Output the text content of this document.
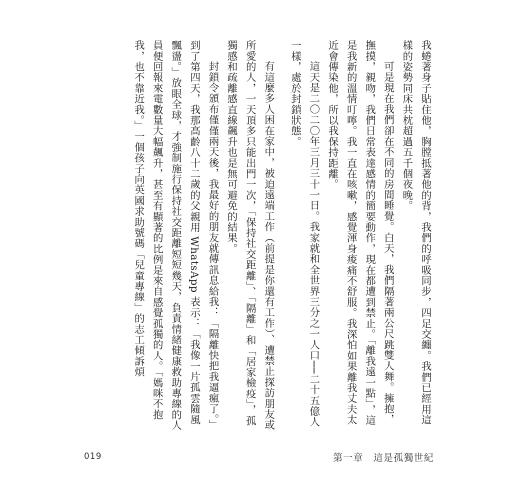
我蜷著身子貼住他，胸膛抵著他的背，我們的呼吸同步，四足交纏。我們已經用這樣的姿勢同床共枕超過五千個夜晚。

可是現在我們卻在不同的房間睡覺。白天，我們隔著兩公尺跳雙人舞。擁抱，撫摸，親吻，我們日常表達感情的簡要動作，現在都遭到禁止。「離我遠一點」，這是我新的溫情叮嚀。我一直在咳嗽，感覺渾身痠痛不舒服。我深怕如果離我丈夫太近會傳染他，所以我保持距離。

這天是二〇二〇年三月三十一日。我家就和全世界三分之一人口──二十五億人一樣，處於封鎖狀態。

有這麼多人困在家中，被迫遠端工作（前提是你還有工作）、遭禁止探訪朋友或所愛的人，一天頂多只能出門一次，「保持社交距離」、「隔離」和「居家檢疫」，孤獨感和疏離感直線飆升也是無可避免的結果。

封鎖令頒布僅僅兩天後，我最好的朋友就傳訊息給我：「隔離快把我逼瘋了。」到了第四天，我那高齡八十二歲的父親用 WhatsApp 表示：「我像一片孤雲隨風飄盪。」放眼全球，才強制施行保持社交距離短短幾天，負責情緒健康救助專線的人員便回報來電數量大幅飆升，甚至有顯著的比例是來自感覺孤獨的人。「媽咪不抱我，也不靠近我。」一個孩子向英國求助號碼「兒童專線」的志工傾訴煩

019	第一章 這是孤獨世紀
